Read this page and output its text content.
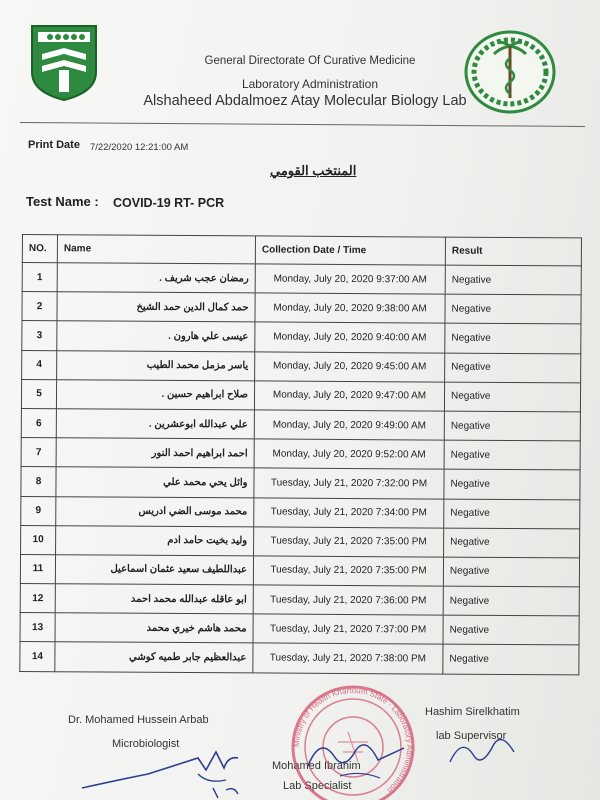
General Directorate Of Curative Medicine
Laboratory Administration
Alshaheed Abdalmoez Atay Molecular Biology Lab
Print Date 7/22/2020 12:21:00 AM
المنتخب القومي
Test Name : COVID-19 RT- PCR
NO.	Name	Collection Date / Time	Result
1	رمضان عجب شريف .	Monday, July 20, 2020 9:37:00 AM	Negative
2	حمد كمال الدين حمد الشيخ	Monday, July 20, 2020 9:38:00 AM	Negative
3	عيسى علي هارون .	Monday, July 20, 2020 9:40:00 AM	Negative
4	ياسر مزمل محمد الطيب	Monday, July 20, 2020 9:45:00 AM	Negative
5	صلاح ابراهيم حسين .	Monday, July 20, 2020 9:47:00 AM	Negative
6	علي عبدالله ابوعشرين .	Monday, July 20, 2020 9:49:00 AM	Negative
7	احمد ابراهيم احمد النور	Monday, July 20, 2020 9:52:00 AM	Negative
8	وائل يحي محمد علي	Tuesday, July 21, 2020 7:32:00 PM	Negative
9	محمد موسى الضي ادريس	Tuesday, July 21, 2020 7:34:00 PM	Negative
10	وليد بخيت حامد ادم	Tuesday, July 21, 2020 7:35:00 PM	Negative
11	عبداللطيف سعيد عثمان اسماعيل	Tuesday, July 21, 2020 7:35:00 PM	Negative
12	ابو عاقله عبدالله محمد احمد	Tuesday, July 21, 2020 7:36:00 PM	Negative
13	محمد هاشم خيري محمد	Tuesday, July 21, 2020 7:37:00 PM	Negative
14	عبدالعظيم جابر طميه كوشي	Tuesday, July 21, 2020 7:38:00 PM	Negative
Dr. Mohamed Hussein Arbab
Microbiologist
Hashim Sirelkhatim
lab Supervisor
Mohamed Ibrahim
Lab Specialist
Ministry of Health Khartoum State · Laboratory Administration
